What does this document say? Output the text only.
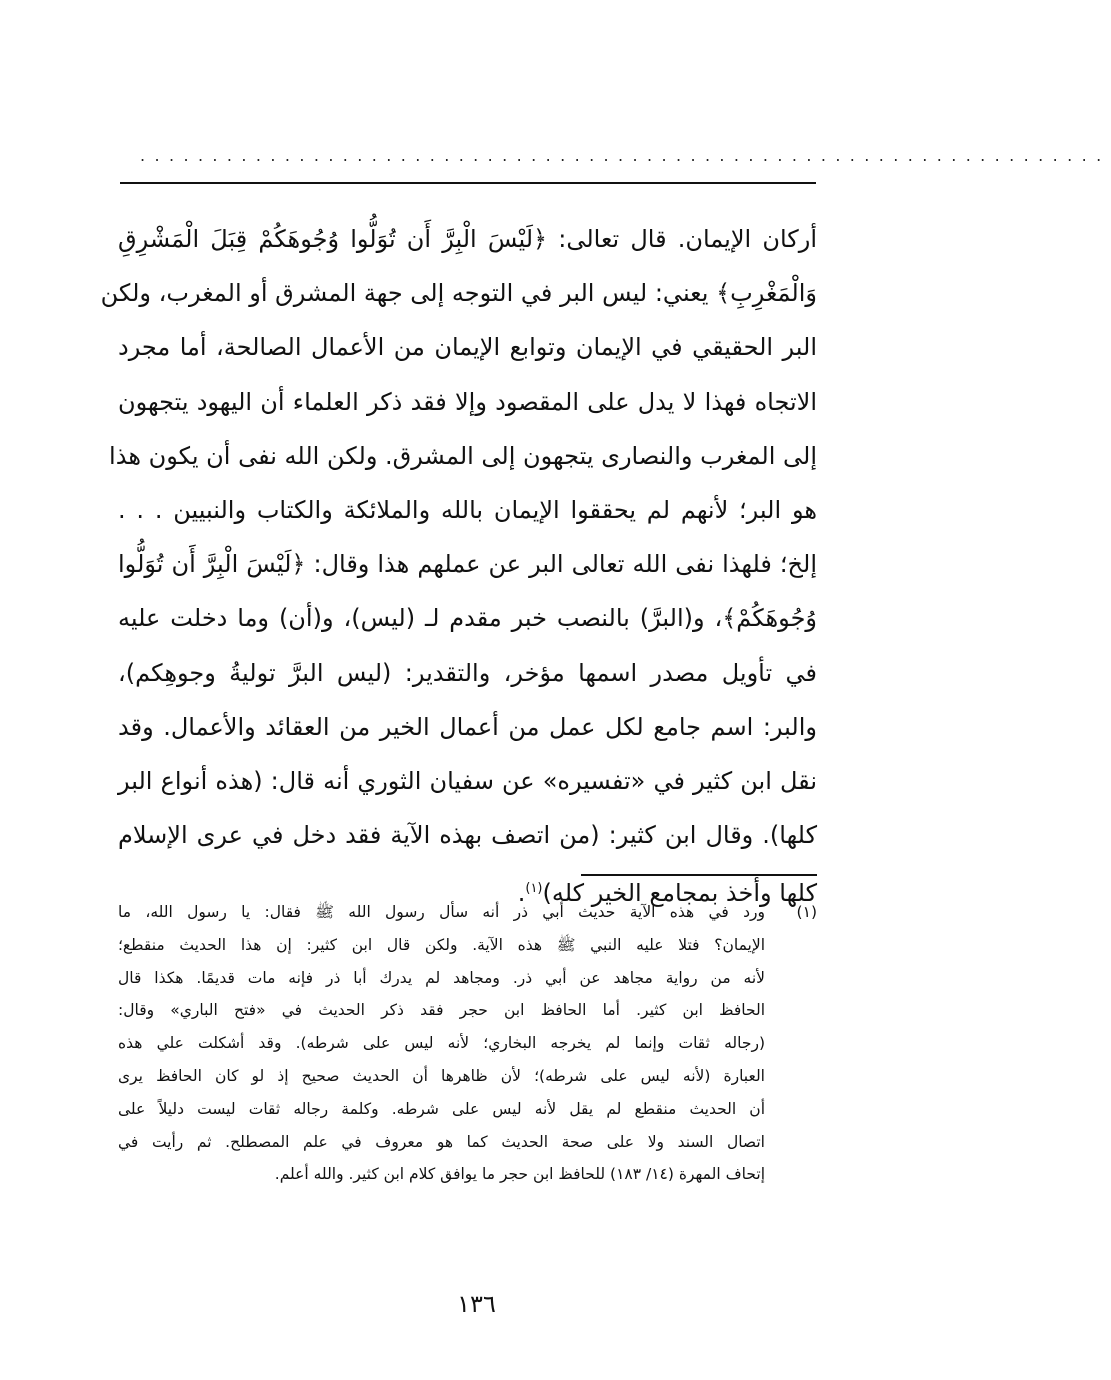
...................................................................
أركان الإيمان. قال تعالى: ﴿لَيْسَ الْبِرَّ أَن تُوَلُّوا وُجُوهَكُمْ قِبَلَ الْمَشْرِقِ
وَالْمَغْرِبِ﴾ يعني: ليس البر في التوجه إلى جهة المشرق أو المغرب، ولكن
البر الحقيقي في الإيمان وتوابع الإيمان من الأعمال الصالحة، أما مجرد
الاتجاه فهذا لا يدل على المقصود وإلا فقد ذكر العلماء أن اليهود يتجهون
إلى المغرب والنصارى يتجهون إلى المشرق. ولكن الله نفى أن يكون هذا
هو البر؛ لأنهم لم يحققوا الإيمان بالله والملائكة والكتاب والنبيين . . .
إلخ؛ فلهذا نفى الله تعالى البر عن عملهم هذا وقال: ﴿لَيْسَ الْبِرَّ أَن تُوَلُّوا
وُجُوهَكُمْ﴾، و(البرَّ) بالنصب خبر مقدم لـ (ليس)، و(أن) وما دخلت عليه
في تأويل مصدر اسمها مؤخر، والتقدير: (ليس البرَّ توليةُ وجوهِكم)،
والبر: اسم جامع لكل عمل من أعمال الخير من العقائد والأعمال. وقد
نقل ابن كثير في «تفسيره» عن سفيان الثوري أنه قال: (هذه أنواع البر
كلها). وقال ابن كثير: (من اتصف بهذه الآية فقد دخل في عرى الإسلام
كلها وأخذ بمجامع الخير كله)$^{(١)}$.
(١)
ورد في هذه الآية حديث أبي ذر أنه سأل رسول الله ﷺ فقال: يا رسول الله، ما
الإيمان؟ فتلا عليه النبي ﷺ هذه الآية. ولكن قال ابن كثير: إن هذا الحديث منقطع؛
لأنه من رواية مجاهد عن أبي ذر. ومجاهد لم يدرك أبا ذر فإنه مات قديمًا. هكذا قال
الحافظ ابن كثير. أما الحافظ ابن حجر فقد ذكر الحديث في «فتح الباري» وقال:
(رجاله ثقات وإنما لم يخرجه البخاري؛ لأنه ليس على شرطه). وقد أشكلت علي هذه
العبارة (لأنه ليس على شرطه)؛ لأن ظاهرها أن الحديث صحيح إذ لو كان الحافظ يرى
أن الحديث منقطع لم يقل لأنه ليس على شرطه. وكلمة رجاله ثقات ليست دليلاً على
اتصال السند ولا على صحة الحديث كما هو معروف في علم المصطلح. ثم رأيت في
إتحاف المهرة (١٤/ ١٨٣) للحافظ ابن حجر ما يوافق كلام ابن كثير. والله أعلم.
١٣٦
